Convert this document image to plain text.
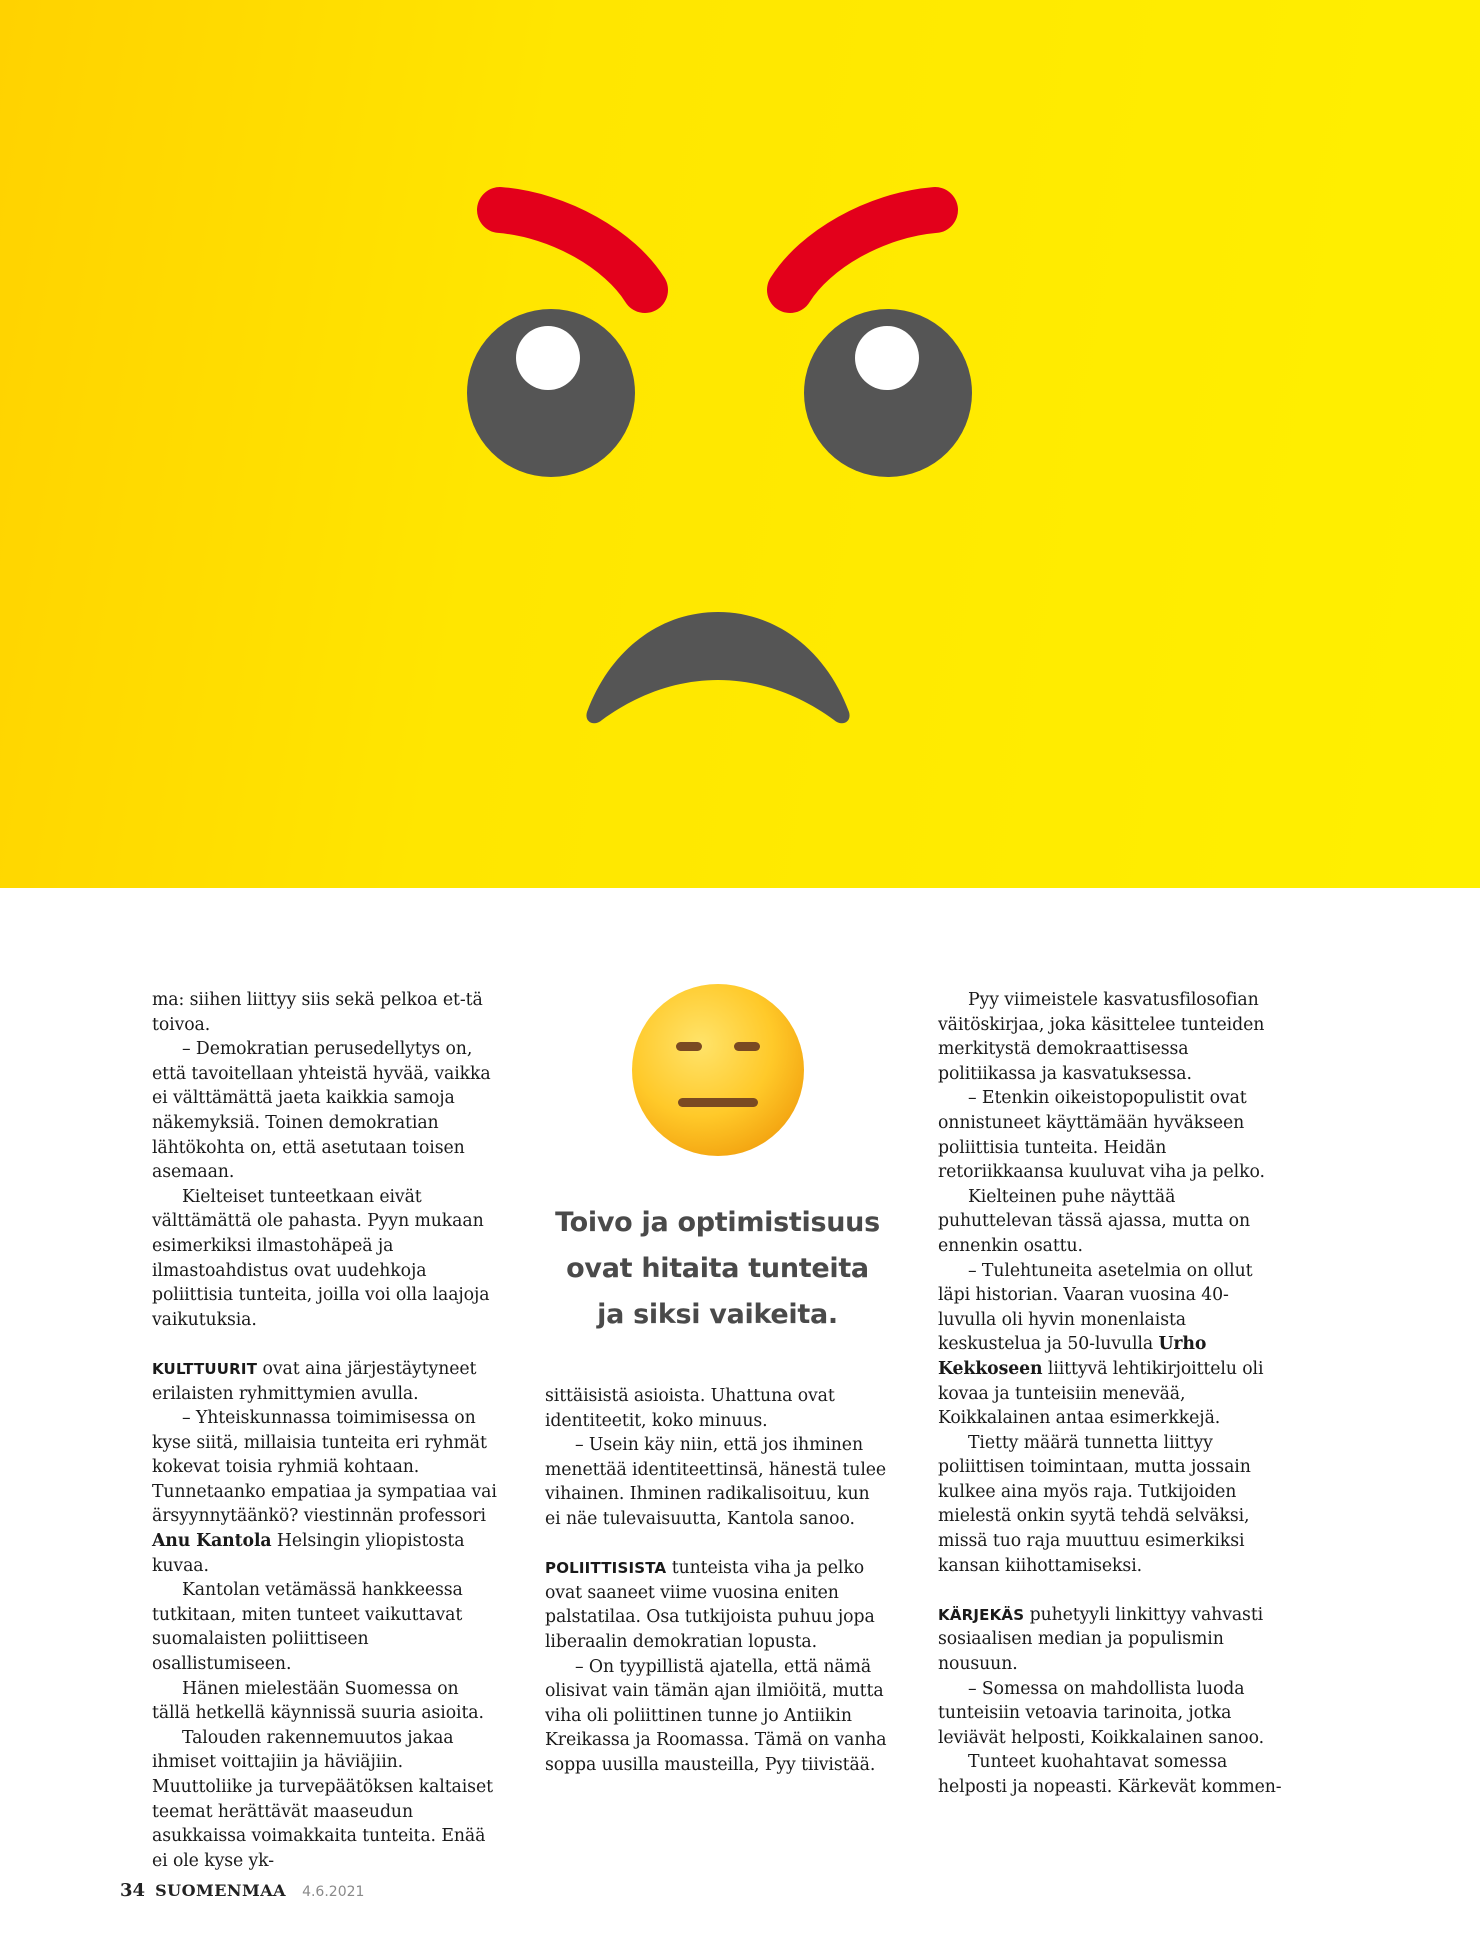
ma: siihen liittyy siis sekä pelkoa et-tä toivoa.

– Demokratian perusedellytys on, että tavoitellaan yhteistä hyvää, vaikka ei välttämättä jaeta kaikkia samoja näkemyksiä. Toinen demokratian lähtökohta on, että asetutaan toisen asemaan.

Kielteiset tunteetkaan eivät välttämättä ole pahasta. Pyyn mukaan esimerkiksi ilmastohäpeä ja ilmastoahdistus ovat uudehkoja poliittisia tunteita, joilla voi olla laajoja vaikutuksia.

KULTTUURIT ovat aina järjestäytyneet erilaisten ryhmittymien avulla.

– Yhteiskunnassa toimimisessa on kyse siitä, millaisia tunteita eri ryhmät kokevat toisia ryhmiä kohtaan. Tunnetaanko empatiaa ja sympatiaa vai ärsyynnytäänkö? viestinnän professori Anu Kantola Helsingin yliopistosta kuvaa.

Kantolan vetämässä hankkeessa tutkitaan, miten tunteet vaikuttavat suomalaisten poliittiseen osallistumiseen.

Hänen mielestään Suomessa on tällä hetkellä käynnissä suuria asioita.

Talouden rakennemuutos jakaa ihmiset voittajiin ja häviäjiin. Muuttoliike ja turvepäätöksen kaltaiset teemat herättävät maaseudun asukkaissa voimakkaita tunteita. Enää ei ole kyse yk-

Toivo ja optimistisuus
ovat hitaita tunteita
ja siksi vaikeita.

sittäisistä asioista. Uhattuna ovat identiteetit, koko minuus.

– Usein käy niin, että jos ihminen menettää identiteettinsä, hänestä tulee vihainen. Ihminen radikalisoituu, kun ei näe tulevaisuutta, Kantola sanoo.

POLIITTISISTA tunteista viha ja pelko ovat saaneet viime vuosina eniten palstatilaa. Osa tutkijoista puhuu jopa liberaalin demokratian lopusta.

– On tyypillistä ajatella, että nämä olisivat vain tämän ajan ilmiöitä, mutta viha oli poliittinen tunne jo Antiikin Kreikassa ja Roomassa. Tämä on vanha soppa uusilla mausteilla, Pyy tiivistää.

Pyy viimeistele kasvatusfilosofian väitöskirjaa, joka käsittelee tunteiden merkitystä demokraattisessa politiikassa ja kasvatuksessa.

– Etenkin oikeistopopulistit ovat onnistuneet käyttämään hyväkseen poliittisia tunteita. Heidän retoriikkaansa kuuluvat viha ja pelko.

Kielteinen puhe näyttää puhuttelevan tässä ajassa, mutta on ennenkin osattu.

– Tulehtuneita asetelmia on ollut läpi historian. Vaaran vuosina 40-luvulla oli hyvin monenlaista keskustelua ja 50-luvulla Urho Kekkoseen liittyvä lehtikirjoittelu oli kovaa ja tunteisiin menevää, Koikkalainen antaa esimerkkejä.

Tietty määrä tunnetta liittyy poliittisen toimintaan, mutta jossain kulkee aina myös raja. Tutkijoiden mielestä onkin syytä tehdä selväksi, missä tuo raja muuttuu esimerkiksi kansan kiihottamiseksi.

KÄRJEKÄS puhetyyli linkittyy vahvasti sosiaalisen median ja populismin nousuun.

– Somessa on mahdollista luoda tunteisiin vetoavia tarinoita, jotka leviävät helposti, Koikkalainen sanoo.

Tunteet kuohahtavat somessa helposti ja nopeasti. Kärkevät kommen-

34 SUOMENMAA 4.6.2021
